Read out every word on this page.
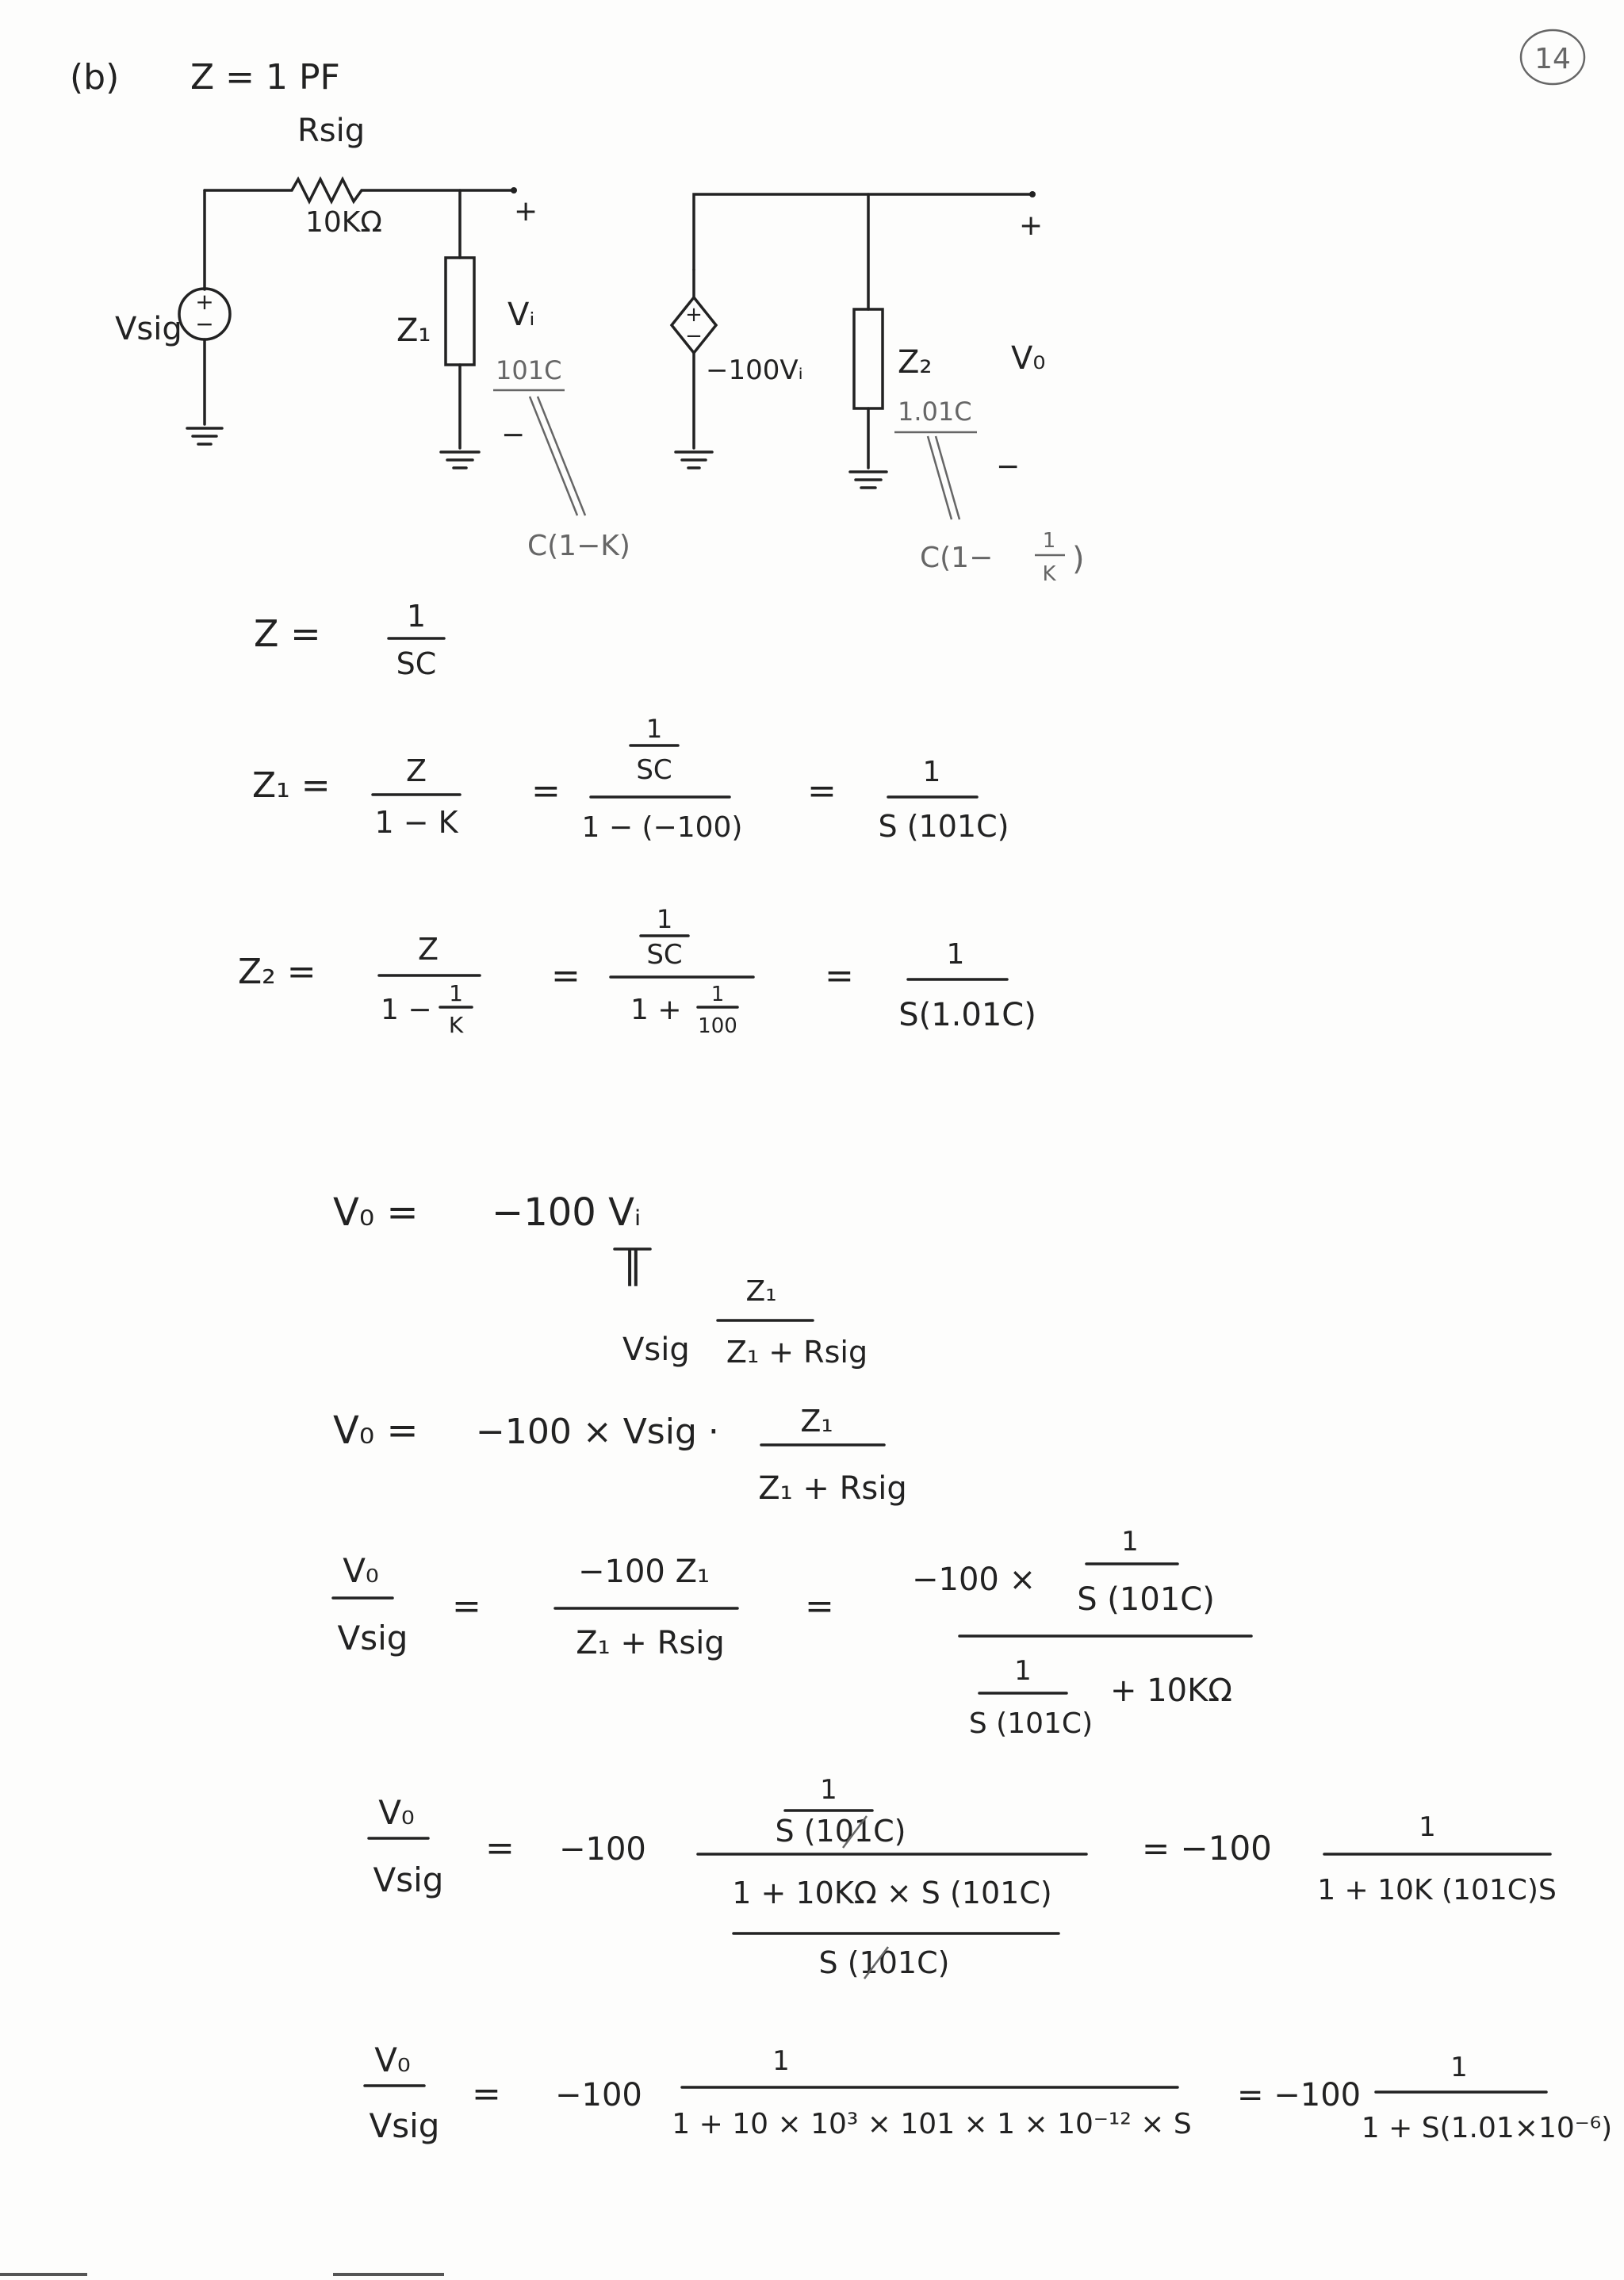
(b) Z = 1 PF	14
Rsig
10KΩ	+
+
−
Vsig	Z₁ Vᵢ
101C
−
C(1−K)
+
+
−
−100Vᵢ	Z₂ V₀
1.01C
−
C(1−
1
K )
Z =	1
SC
Z₁ =	Z
1 − K
=
1
SC
1 − (−100)
=	1
S (101C)
Z₂ =
Z
1 −
1
K
=
1
SC
1 + 1
100
=
1
S(1.01C)
V₀ = −100 Vᵢ
‖
Vsig
Z₁
Z₁ + Rsig
V₀ = −100 × Vsig ·	Z₁
Z₁ + Rsig
V₀
Vsig
=
−100 Z₁
Z₁ + Rsig
=
−100 ×
1
S (101C)
1
S (101C)
+ 10KΩ
V₀
Vsig
= −100
1
S (101C)
1 + 10KΩ × S (101C)
S (101C)
= −100
1
1 + 10K (101C)S
V₀
Vsig
= −100
1
1 + 10 × 10³ × 101 × 1 × 10⁻¹² × S
= −100
1
1 + S(1.01×10⁻⁶)
